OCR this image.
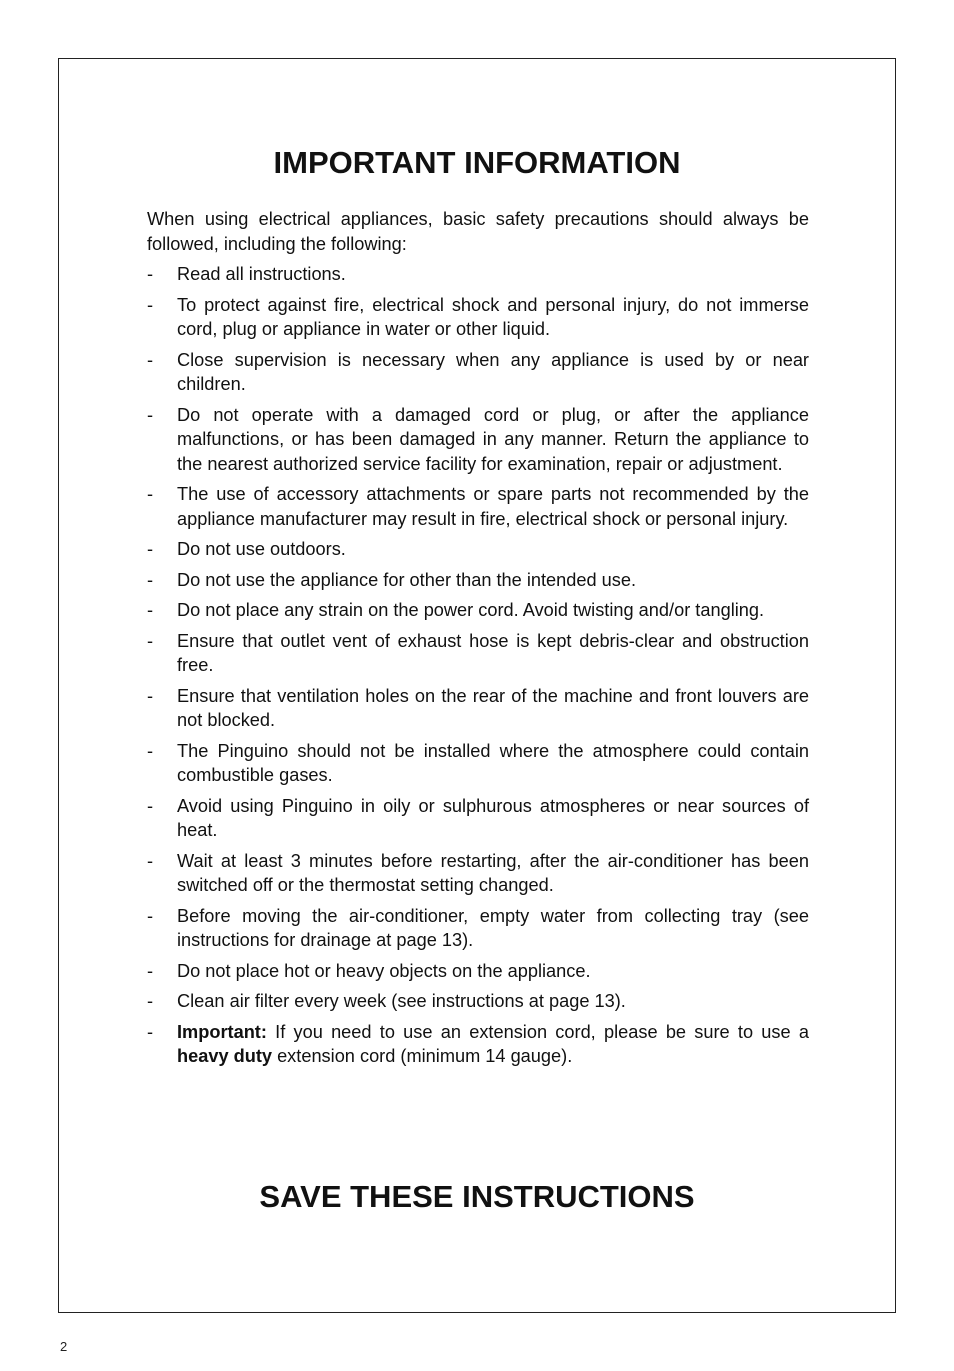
IMPORTANT INFORMATION

When using electrical appliances, basic safety precautions should always be followed, including the following:

-	Read all instructions.
-	To protect against fire, electrical shock and personal injury, do not immerse cord, plug or appliance in water or other liquid.
-	Close supervision is necessary when any appliance is used by or near children.
-	Do not operate with a damaged cord or plug, or after the appliance malfunctions, or has been damaged in any manner. Return the appliance to the nearest authorized service facility for examination, repair or adjustment.
-	The use of accessory attachments or spare parts not recommended by the appliance manufacturer may result in fire, electrical shock or personal injury.
-	Do not use outdoors.
-	Do not use the appliance for other than the intended use.
-	Do not place any strain on the power cord. Avoid twisting and/or tangling.
-	Ensure that outlet vent of exhaust hose is kept debris-clear and obstruction free.
-	Ensure that ventilation holes on the rear of the machine and front louvers are not blocked.
-	The Pinguino should not be installed where the atmosphere could contain combustible gases.
-	Avoid using Pinguino in oily or sulphurous atmospheres or near sources of heat.
-	Wait at least 3 minutes before restarting, after the air-conditioner has been switched off or the thermostat setting changed.
-	Before moving the air-conditioner, empty water from collecting tray (see instructions for drainage at page 13).
-	Do not place hot or heavy objects on the appliance.
-	Clean air filter every week (see instructions at page 13).
-	Important: If you need to use an extension cord, please be sure to use a heavy duty extension cord (minimum 14 gauge).
SAVE THESE INSTRUCTIONS
2
